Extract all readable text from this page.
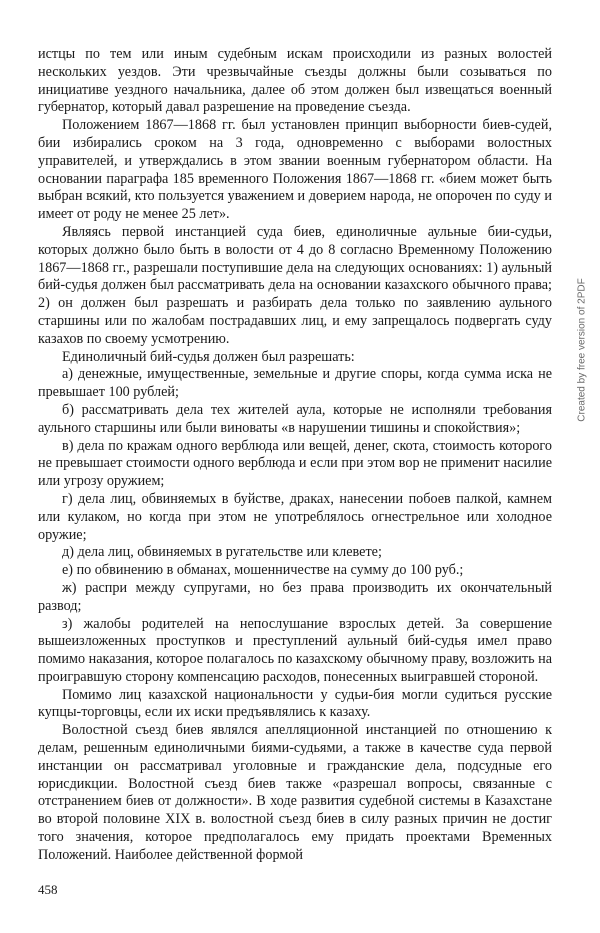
истцы по тем или иным судебным искам происходили из разных волостей нескольких уездов. Эти чрезвычайные съезды должны были созываться по инициативе уездного начальника, далее об этом должен был извещаться военный губернатор, который давал разрешение на проведение съезда.

Положением 1867—1868 гг. был установлен принцип выборности биев-судей, бии избирались сроком на 3 года, одновременно с выборами волостных управителей, и утверждались в этом звании военным губернатором области. На основании параграфа 185 временного Положения 1867—1868 гг. «бием может быть выбран всякий, кто пользуется уважением и доверием народа, не опорочен по суду и имеет от роду не менее 25 лет».

Являясь первой инстанцией суда биев, единоличные аульные бии-судьи, которых должно было быть в волости от 4 до 8 согласно Временному Положению 1867—1868 гг., разрешали поступившие дела на следующих основаниях: 1) аульный бий-судья должен был рассматривать дела на основании казахского обычного права; 2) он должен был разрешать и разбирать дела только по заявлению аульного старшины или по жалобам пострадавших лиц, и ему запрещалось подвергать суду казахов по своему усмотрению.

Единоличный бий-судья должен был разрешать:

а) денежные, имущественные, земельные и другие споры, когда сумма иска не превышает 100 рублей;

б) рассматривать дела тех жителей аула, которые не исполняли требования аульного старшины или были виноваты «в нарушении тишины и спокойствия»;

в) дела по кражам одного верблюда или вещей, денег, скота, стоимость которого не превышает стоимости одного верблюда и если при этом вор не применит насилие или угрозу оружием;

г) дела лиц, обвиняемых в буйстве, драках, нанесении побоев палкой, камнем или кулаком, но когда при этом не употреблялось огнестрельное или холодное оружие;

д) дела лиц, обвиняемых в ругательстве или клевете;

е) по обвинению в обманах, мошенничестве на сумму до 100 руб.;

ж) распри между супругами, но без права производить их окончательный развод;

з) жалобы родителей на непослушание взрослых детей. За совершение вышеизложенных проступков и преступлений аульный бий-судья имел право помимо наказания, которое полагалось по казахскому обычному праву, возложить на проигравшую сторону компенсацию расходов, понесенных выигравшей стороной.

Помимо лиц казахской национальности у судьи-бия могли судиться русские купцы-торговцы, если их иски предъявлялись к казаху.

Волостной съезд биев являлся апелляционной инстанцией по отношению к делам, решенным единоличными биями-судьями, а также в качестве суда первой инстанции он рассматривал уголовные и гражданские дела, подсудные его юрисдикции. Волостной съезд биев также «разрешал вопросы, связанные с отстранением биев от должности». В ходе развития судебной системы в Казахстане во второй половине XIX в. волостной съезд биев в силу разных причин не достиг того значения, которое предполагалось ему придать проектами Временных Положений. Наиболее действенной формой

458
Created by free version of 2PDF
